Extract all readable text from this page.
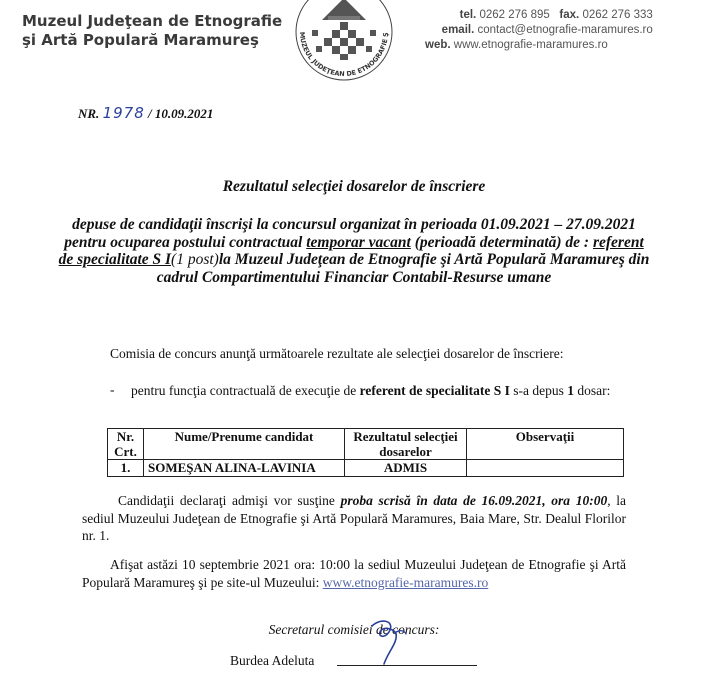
Muzeul Judeţean de Etnografie
şi Artă Populară Maramureş	MUZEUL JUDEŢEAN DE ETNOGRAFIE Ş
tel. 0262 276 895 fax. 0262 276 333
email. contact@etnografie-maramures.ro
web. www.etnografie-maramures.ro
NR. 1978 / 10.09.2021
Rezultatul selecţiei dosarelor de înscriere
depuse de candidaţii înscrişi la concursul organizat în perioada 01.09.2021 – 27.09.2021 pentru ocuparea postului contractual temporar vacant (perioadă determinată) de : referent de specialitate S I(1 post)la Muzeul Judeţean de Etnografie şi Artă Populară Maramureş din cadrul Compartimentului Financiar Contabil-Resurse umane
Comisia de concurs anunţă următoarele rezultate ale selecţiei dosarelor de înscriere:
- pentru funcţia contractuală de execuţie de referent de specialitate S I s-a depus 1 dosar:
Nr. Crt.	Nume/Prenume candidat	Rezultatul selecţiei dosarelor	Observaţii
1.	SOMEŞAN ALINA-LAVINIA	ADMIS	
Candidaţii declaraţi admişi vor susţine proba scrisă în data de 16.09.2021, ora 10:00, la sediul Muzeului Judeţean de Etnografie şi Artă Populară Maramures, Baia Mare, Str. Dealul Florilor nr. 1.
Afişat astăzi 10 septembrie 2021 ora: 10:00 la sediul Muzeului Judeţean de Etnografie şi Artă Populară Maramureş şi pe site-ul Muzeului: www.etnografie-maramures.ro
Secretarul comisiei de concurs:
Burdea Adeluta
